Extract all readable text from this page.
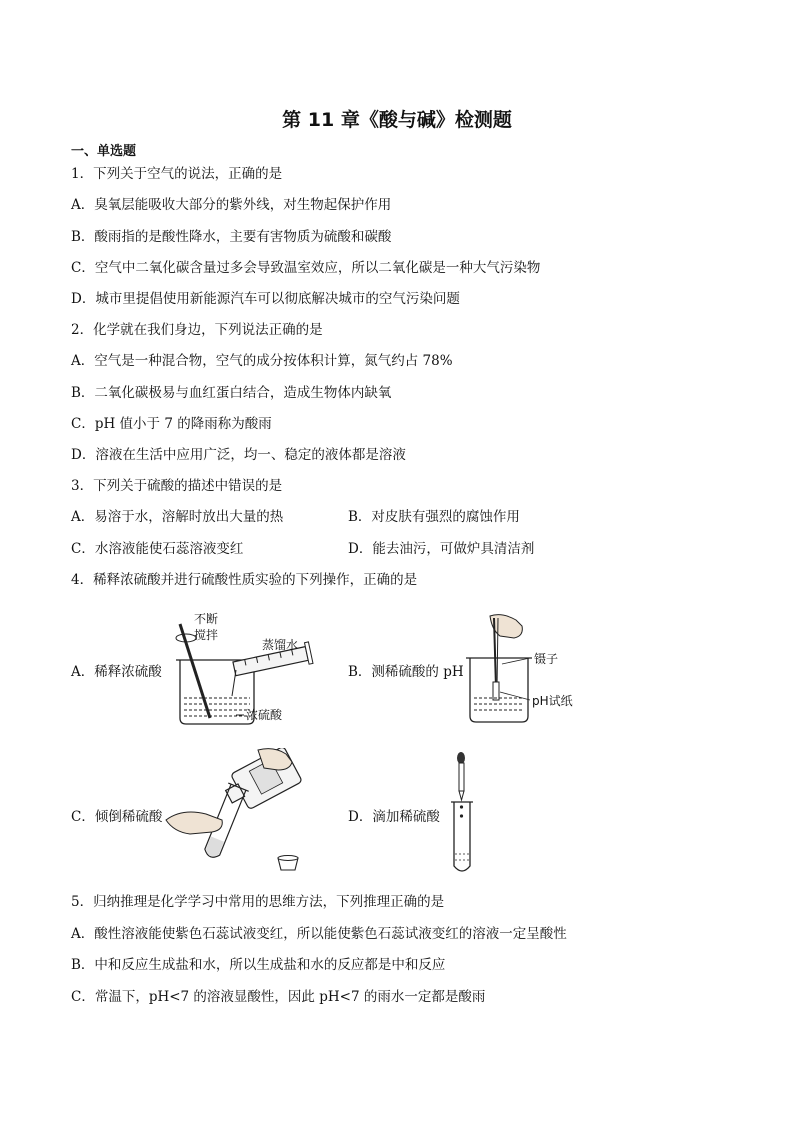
第 11 章《酸与碱》检测题
一、单选题
1．下列关于空气的说法，正确的是
A．臭氧层能吸收大部分的紫外线，对生物起保护作用
B．酸雨指的是酸性降水，主要有害物质为硫酸和碳酸
C．空气中二氧化碳含量过多会导致温室效应，所以二氧化碳是一种大气污染物
D．城市里提倡使用新能源汽车可以彻底解决城市的空气污染问题
2．化学就在我们身边，下列说法正确的是
A．空气是一种混合物，空气的成分按体积计算，氮气约占 78%
B．二氧化碳极易与血红蛋白结合，造成生物体内缺氧
C．pH 值小于 7 的降雨称为酸雨
D．溶液在生活中应用广泛，均一、稳定的液体都是溶液
3．下列关于硫酸的描述中错误的是
A．易溶于水，溶解时放出大量的热	B．对皮肤有强烈的腐蚀作用
C．水溶液能使石蕊溶液变红	D．能去油污，可做炉具清洁剂
4．稀释浓硫酸并进行硫酸性质实验的下列操作，正确的是
A．稀释浓硫酸
不断
搅拌
蒸馏水
浓硫酸
B．测稀硫酸的 pH
镊子
pH试纸
C．倾倒稀硫酸	D．滴加稀硫酸
5．归纳推理是化学学习中常用的思维方法，下列推理正确的是
A．酸性溶液能使紫色石蕊试液变红，所以能使紫色石蕊试液变红的溶液一定呈酸性
B．中和反应生成盐和水，所以生成盐和水的反应都是中和反应
C．常温下，pH<7 的溶液显酸性，因此 pH<7 的雨水一定都是酸雨
